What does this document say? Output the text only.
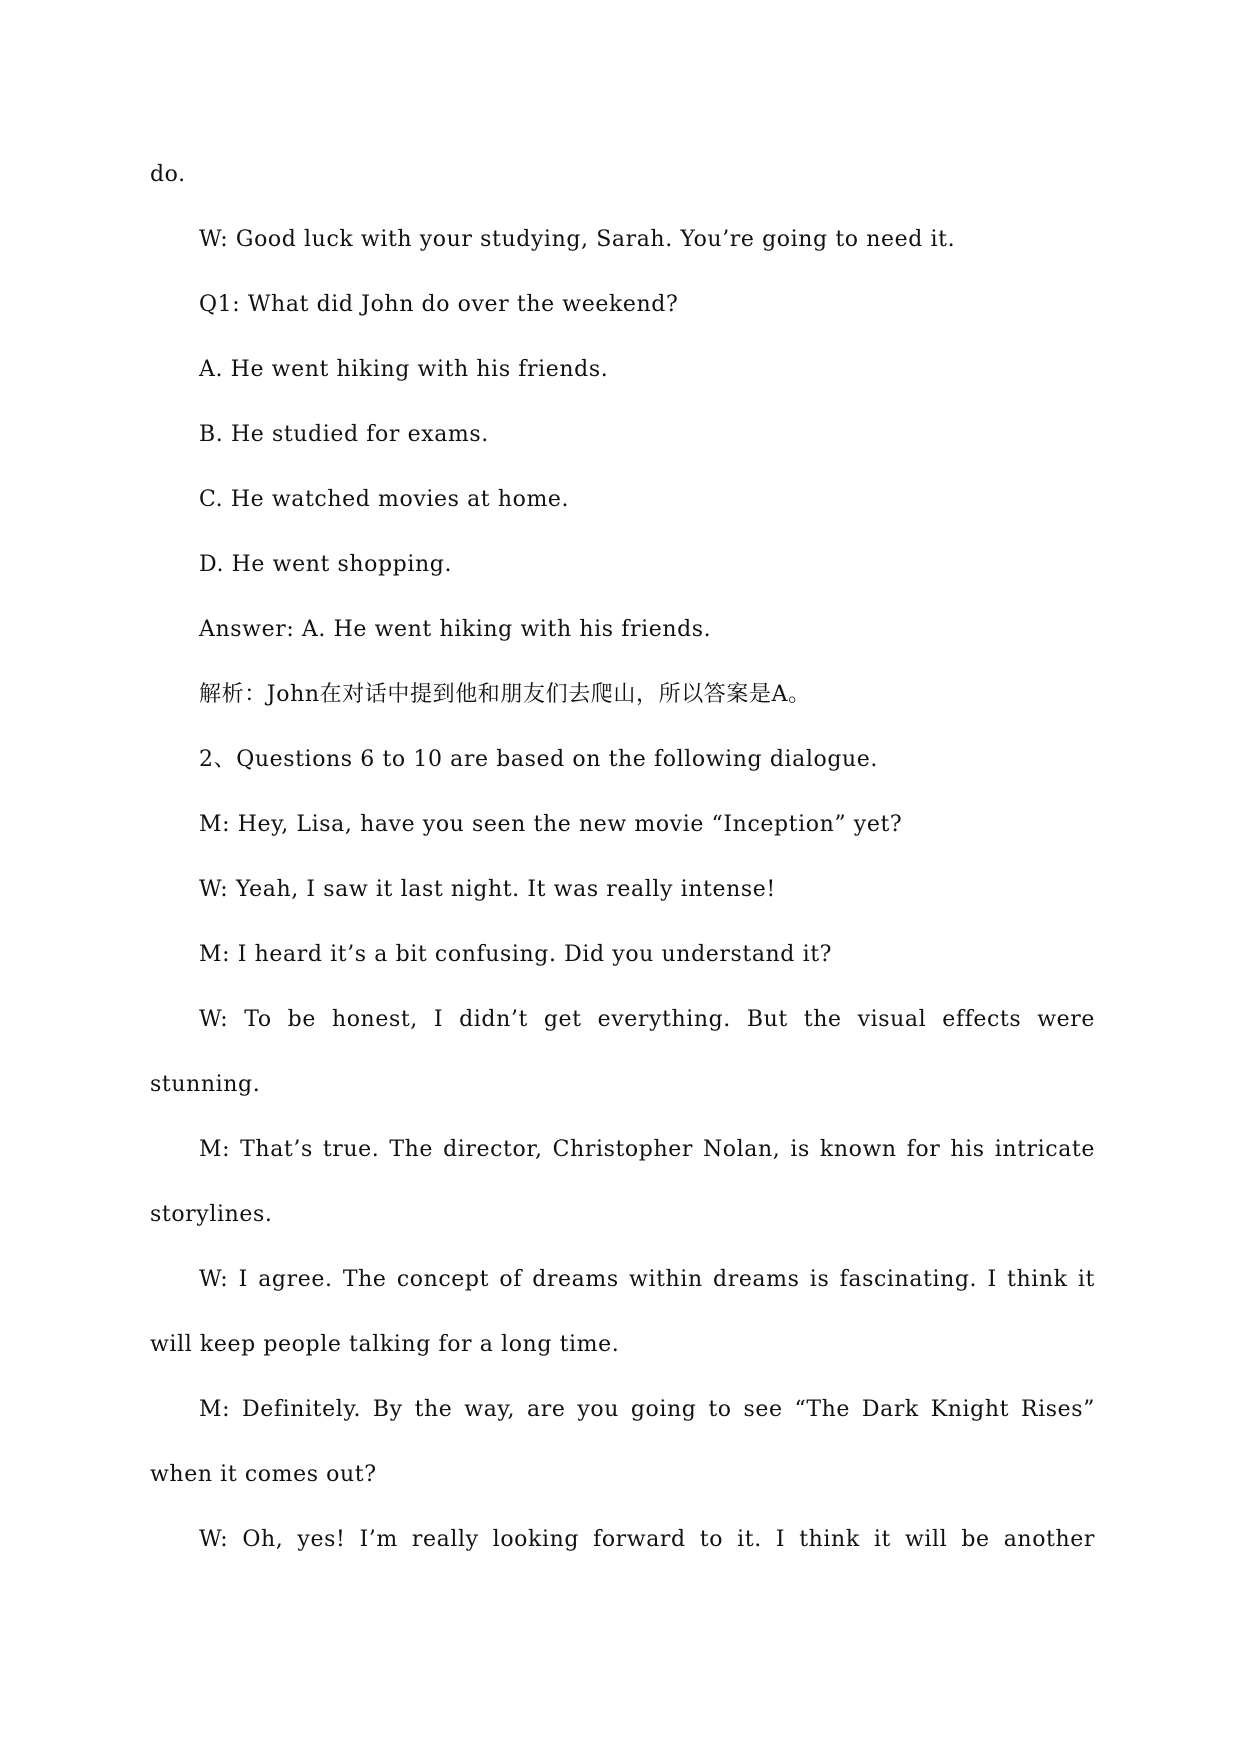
do.
W: Good luck with your studying, Sarah. You’re going to need it.
Q1: What did John do over the weekend?
A. He went hiking with his friends.
B. He studied for exams.
C. He watched movies at home.
D. He went shopping.
Answer: A. He went hiking with his friends.
解析：John在对话中提到他和朋友们去爬山，所以答案是A。
2、Questions 6 to 10 are based on the following dialogue.
M: Hey, Lisa, have you seen the new movie “Inception” yet?
W: Yeah, I saw it last night. It was really intense!
M: I heard it’s a bit confusing. Did you understand it?
W: To be honest, I didn’t get everything. But the visual effects were
stunning.
M: That’s true. The director, Christopher Nolan, is known for his intricate
storylines.
W: I agree. The concept of dreams within dreams is fascinating. I think it
will keep people talking for a long time.
M: Definitely. By the way, are you going to see “The Dark Knight Rises”
when it comes out?
W: Oh, yes! I’m really looking forward to it. I think it will be another
